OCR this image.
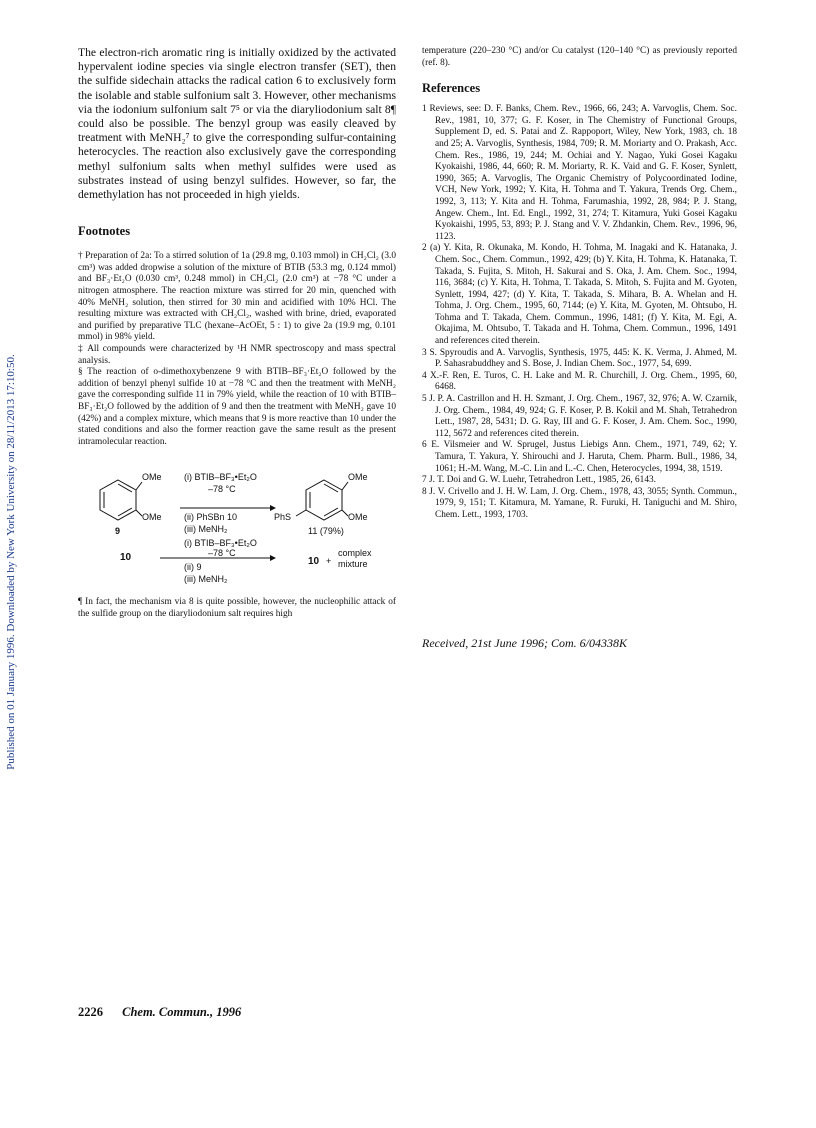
Published on 01 January 1996. Downloaded by New York University on 28/11/2013 17:10:50.

The electron-rich aromatic ring is initially oxidized by the activated hypervalent iodine species via single electron transfer (SET), then the sulfide sidechain attacks the radical cation 6 to exclusively form the isolable and stable sulfonium salt 3. However, other mechanisms via the iodonium sulfonium salt 7⁵ or via the diaryliodonium salt 8¶ could also be possible. The benzyl group was easily cleaved by treatment with MeNH₂⁷ to give the corresponding sulfur-containing heterocycles. The reaction also exclusively gave the corresponding methyl sulfonium salts when methyl sulfides were used as substrates instead of using benzyl sulfides. However, so far, the demethylation has not proceeded in high yields.

Footnotes

† Preparation of 2a: To a stirred solution of 1a (29.8 mg, 0.103 mmol) in CH₂Cl₂ (3.0 cm³) was added dropwise a solution of the mixture of BTIB (53.3 mg, 0.124 mmol) and BF₃·Et₂O (0.030 cm³, 0.248 mmol) in CH₂Cl₂ (2.0 cm³) at −78 °C under a nitrogen atmosphere. The reaction mixture was stirred for 20 min, quenched with 40% MeNH₂ solution, then stirred for 30 min and acidified with 10% HCl. The resulting mixture was extracted with CH₂Cl₂, washed with brine, dried, evaporated and purified by preparative TLC (hexane–AcOEt, 5 : 1) to give 2a (19.9 mg, 0.101 mmol) in 98% yield.

‡ All compounds were characterized by ¹H NMR spectroscopy and mass spectral analysis.

§ The reaction of o-dimethoxybenzene 9 with BTIB–BF₃·Et₂O followed by the addition of benzyl phenyl sulfide 10 at −78 °C and then the treatment with MeNH₂ gave the corresponding sulfide 11 in 79% yield, while the reaction of 10 with BTIB–BF₃·Et₂O followed by the addition of 9 and then the treatment with MeNH₂ gave 10 (42%) and a complex mixture, which means that 9 is more reactive than 10 under the stated conditions and also the former reaction gave the same result as the present intramolecular reaction.

OMe
OMe
(i) BTIB–BF₃•Et₂O
–78 °C
(ii) PhSBn 10
(iii) MeNH₂
OMe
OMe
PhS
9	11 (79%)
(i) BTIB–BF₃•Et₂O
–78 °C
(ii) 9
(iii) MeNH₂
10	10 +
complex
mixture

¶ In fact, the mechanism via 8 is quite possible, however, the nucleophilic attack of the sulfide group on the diaryliodonium salt requires high

temperature (220–230 °C) and/or Cu catalyst (120–140 °C) as previously reported (ref. 8).

References

1 Reviews, see: D. F. Banks, Chem. Rev., 1966, 66, 243; A. Varvoglis, Chem. Soc. Rev., 1981, 10, 377; G. F. Koser, in The Chemistry of Functional Groups, Supplement D, ed. S. Patai and Z. Rappoport, Wiley, New York, 1983, ch. 18 and 25; A. Varvoglis, Synthesis, 1984, 709; R. M. Moriarty and O. Prakash, Acc. Chem. Res., 1986, 19, 244; M. Ochiai and Y. Nagao, Yuki Gosei Kagaku Kyokaishi, 1986, 44, 660; R. M. Moriarty, R. K. Vaid and G. F. Koser, Synlett, 1990, 365; A. Varvoglis, The Organic Chemistry of Polycoordinated Iodine, VCH, New York, 1992; Y. Kita, H. Tohma and T. Yakura, Trends Org. Chem., 1992, 3, 113; Y. Kita and H. Tohma, Farumashia, 1992, 28, 984; P. J. Stang, Angew. Chem., Int. Ed. Engl., 1992, 31, 274; T. Kitamura, Yuki Gosei Kagaku Kyokaishi, 1995, 53, 893; P. J. Stang and V. V. Zhdankin, Chem. Rev., 1996, 96, 1123.

2 (a) Y. Kita, R. Okunaka, M. Kondo, H. Tohma, M. Inagaki and K. Hatanaka, J. Chem. Soc., Chem. Commun., 1992, 429; (b) Y. Kita, H. Tohma, K. Hatanaka, T. Takada, S. Fujita, S. Mitoh, H. Sakurai and S. Oka, J. Am. Chem. Soc., 1994, 116, 3684; (c) Y. Kita, H. Tohma, T. Takada, S. Mitoh, S. Fujita and M. Gyoten, Synlett, 1994, 427; (d) Y. Kita, T. Takada, S. Mihara, B. A. Whelan and H. Tohma, J. Org. Chem., 1995, 60, 7144; (e) Y. Kita, M. Gyoten, M. Ohtsubo, H. Tohma and T. Takada, Chem. Commun., 1996, 1481; (f) Y. Kita, M. Egi, A. Okajima, M. Ohtsubo, T. Takada and H. Tohma, Chem. Commun., 1996, 1491 and references cited therein.

3 S. Spyroudis and A. Varvoglis, Synthesis, 1975, 445: K. K. Verma, J. Ahmed, M. P. Sahasrabuddhey and S. Bose, J. Indian Chem. Soc., 1977, 54, 699.

4 X.-F. Ren, E. Turos, C. H. Lake and M. R. Churchill, J. Org. Chem., 1995, 60, 6468.

5 J. P. A. Castrillon and H. H. Szmant, J. Org. Chem., 1967, 32, 976; A. W. Czarnik, J. Org. Chem., 1984, 49, 924; G. F. Koser, P. B. Kokil and M. Shah, Tetrahedron Lett., 1987, 28, 5431; D. G. Ray, III and G. F. Koser, J. Am. Chem. Soc., 1990, 112, 5672 and references cited therein.

6 E. Vilsmeier and W. Sprugel, Justus Liebigs Ann. Chem., 1971, 749, 62; Y. Tamura, T. Yakura, Y. Shirouchi and J. Haruta, Chem. Pharm. Bull., 1986, 34, 1061; H.-M. Wang, M.-C. Lin and L.-C. Chen, Heterocycles, 1994, 38, 1519.

7 J. T. Doi and G. W. Luehr, Tetrahedron Lett., 1985, 26, 6143.

8 J. V. Crivello and J. H. W. Lam, J. Org. Chem., 1978, 43, 3055; Synth. Commun., 1979, 9, 151; T. Kitamura, M. Yamane, R. Furuki, H. Taniguchi and M. Shiro, Chem. Lett., 1993, 1703.

Received, 21st June 1996; Com. 6/04338K
2226 Chem. Commun., 1996
